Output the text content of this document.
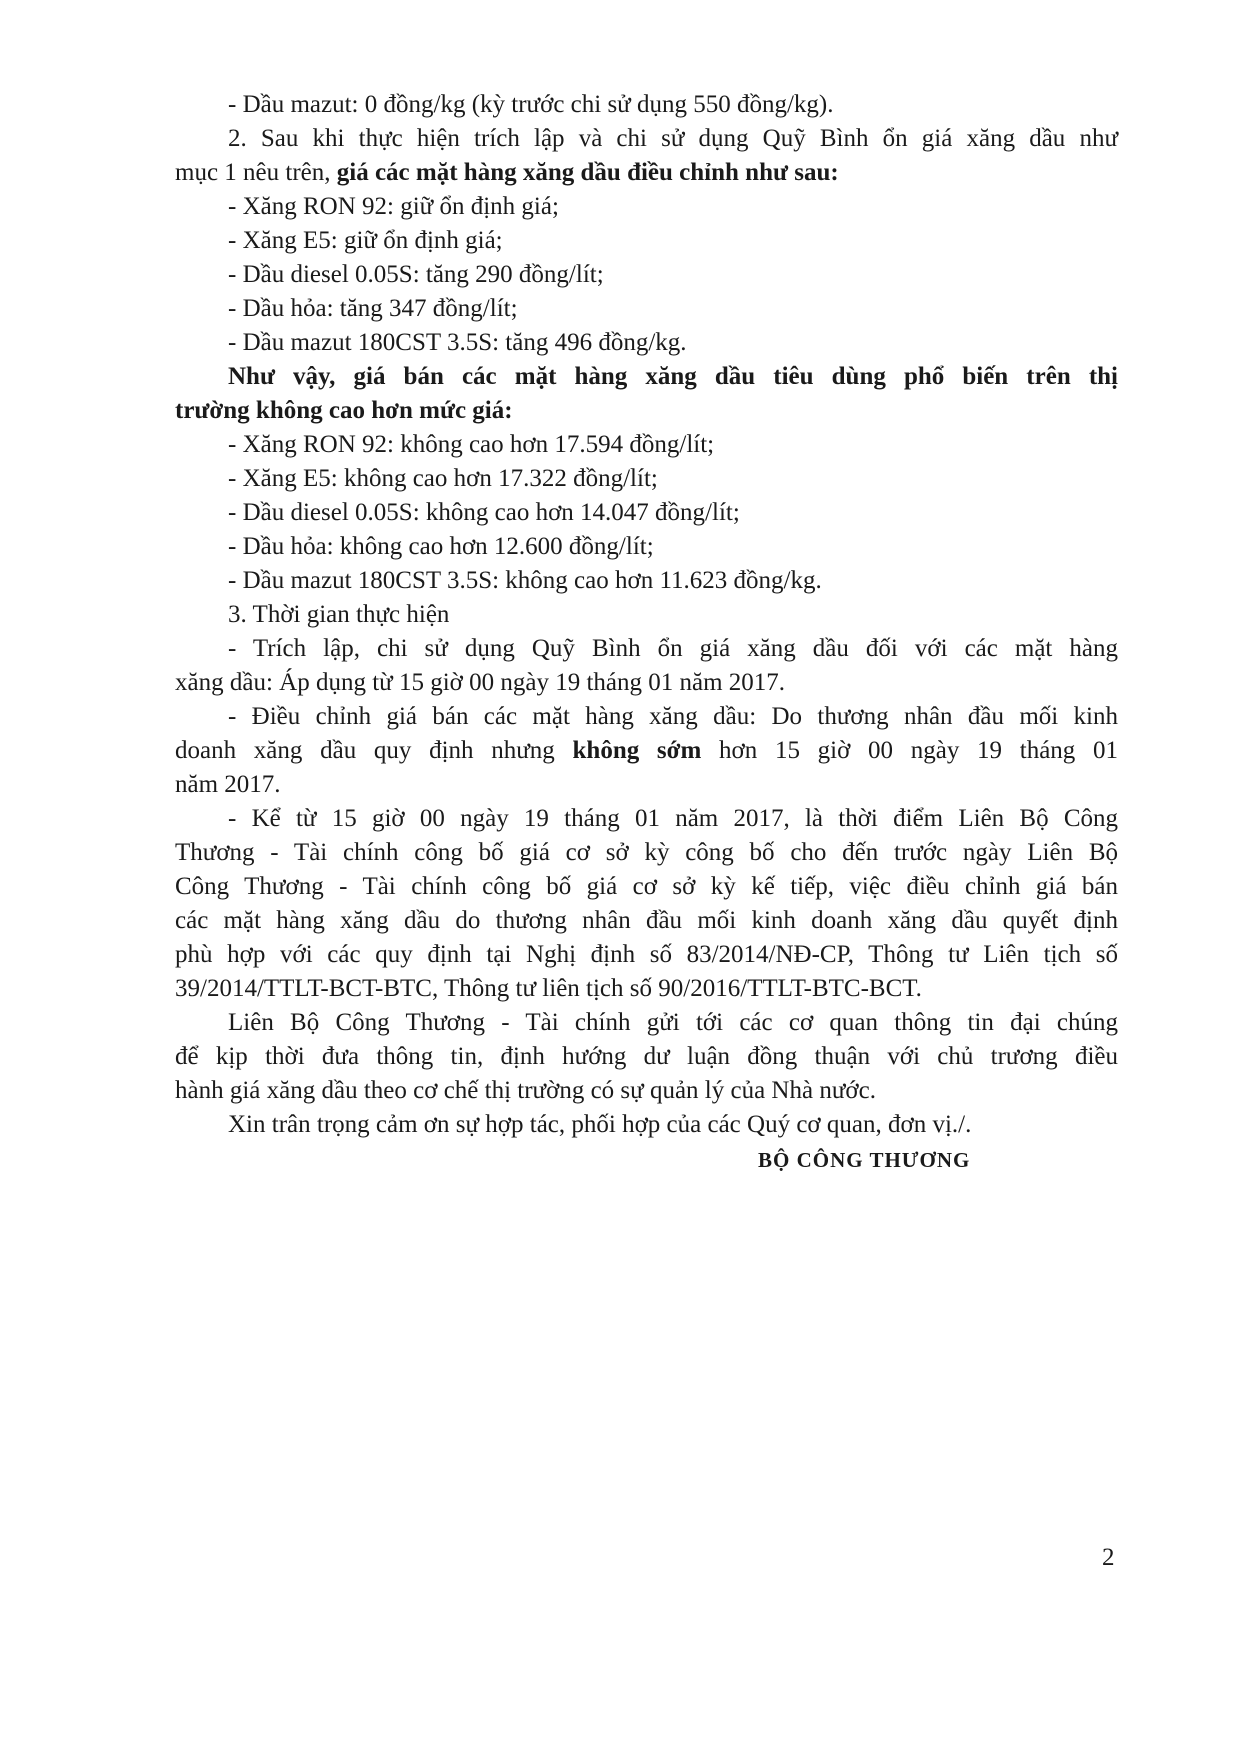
- Dầu mazut: 0 đồng/kg (kỳ trước chi sử dụng 550 đồng/kg).
2. Sau khi thực hiện trích lập và chi sử dụng Quỹ Bình ổn giá xăng dầu như
mục 1 nêu trên, giá các mặt hàng xăng dầu điều chỉnh như sau:
- Xăng RON 92: giữ ổn định giá;
- Xăng E5: giữ ổn định giá;
- Dầu diesel 0.05S: tăng 290 đồng/lít;
- Dầu hỏa: tăng 347 đồng/lít;
- Dầu mazut 180CST 3.5S: tăng 496 đồng/kg.
Như vậy, giá bán các mặt hàng xăng dầu tiêu dùng phổ biến trên thị
trường không cao hơn mức giá:
- Xăng RON 92: không cao hơn 17.594 đồng/lít;
- Xăng E5: không cao hơn 17.322 đồng/lít;
- Dầu diesel 0.05S: không cao hơn 14.047 đồng/lít;
- Dầu hỏa: không cao hơn 12.600 đồng/lít;
- Dầu mazut 180CST 3.5S: không cao hơn 11.623 đồng/kg.
3. Thời gian thực hiện
- Trích lập, chi sử dụng Quỹ Bình ổn giá xăng dầu đối với các mặt hàng
xăng dầu: Áp dụng từ 15 giờ 00 ngày 19 tháng 01 năm 2017.
- Điều chỉnh giá bán các mặt hàng xăng dầu: Do thương nhân đầu mối kinh
doanh xăng dầu quy định nhưng không sớm hơn 15 giờ 00 ngày 19 tháng 01
năm 2017.
- Kể từ 15 giờ 00 ngày 19 tháng 01 năm 2017, là thời điểm Liên Bộ Công
Thương - Tài chính công bố giá cơ sở kỳ công bố cho đến trước ngày Liên Bộ
Công Thương - Tài chính công bố giá cơ sở kỳ kế tiếp, việc điều chỉnh giá bán
các mặt hàng xăng dầu do thương nhân đầu mối kinh doanh xăng dầu quyết định
phù hợp với các quy định tại Nghị định số 83/2014/NĐ-CP, Thông tư Liên tịch số
39/2014/TTLT-BCT-BTC, Thông tư liên tịch số 90/2016/TTLT-BTC-BCT.
Liên Bộ Công Thương - Tài chính gửi tới các cơ quan thông tin đại chúng
để kịp thời đưa thông tin, định hướng dư luận đồng thuận với chủ trương điều
hành giá xăng dầu theo cơ chế thị trường có sự quản lý của Nhà nước.
Xin trân trọng cảm ơn sự hợp tác, phối hợp của các Quý cơ quan, đơn vị./.
BỘ CÔNG THƯƠNG
2
